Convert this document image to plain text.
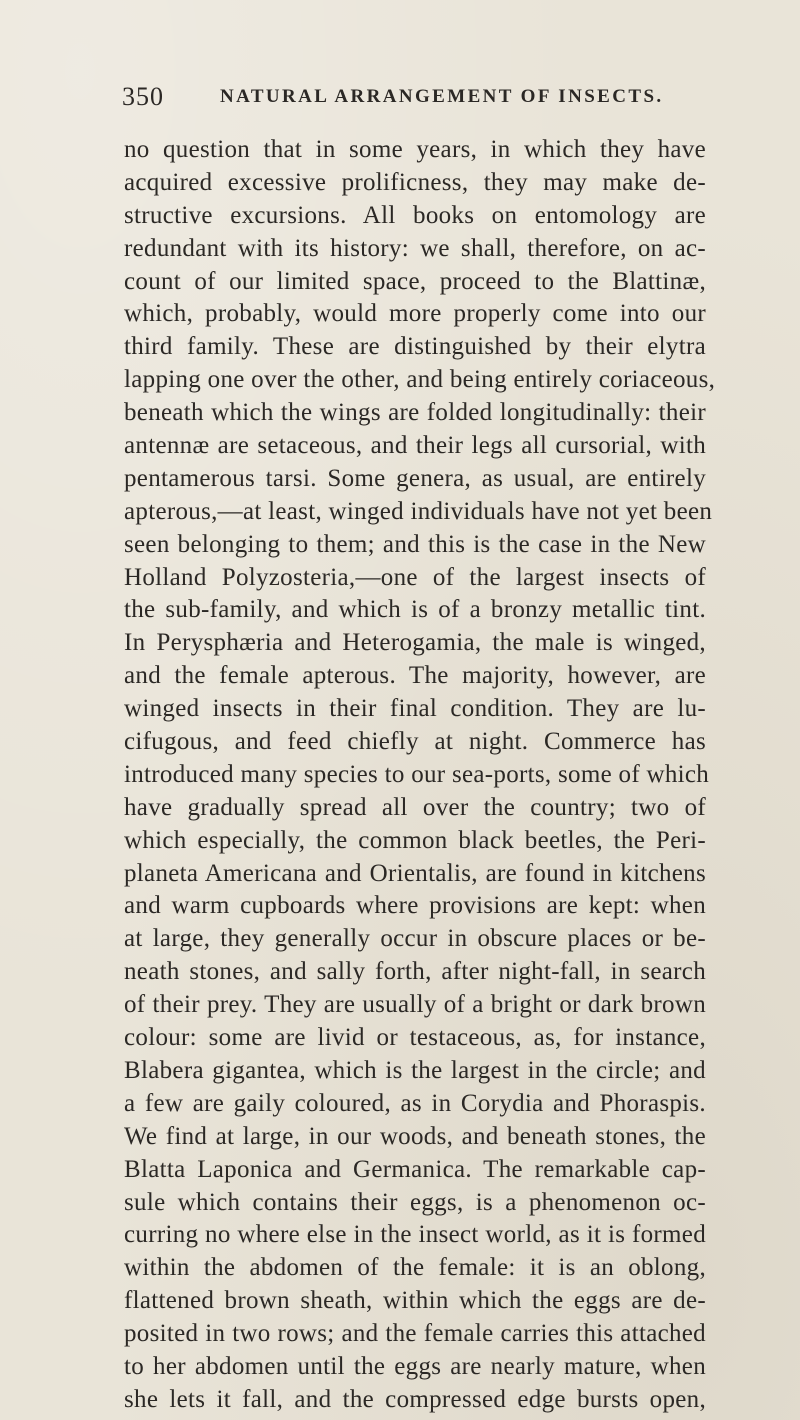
350	NATURAL ARRANGEMENT OF INSECTS.
no question that in some years, in which they have
acquired excessive prolificness, they may make de-
structive excursions. All books on entomology are
redundant with its history: we shall, therefore, on ac-
count of our limited space, proceed to the Blattinæ,
which, probably, would more properly come into our
third family. These are distinguished by their elytra
lapping one over the other, and being entirely coriaceous,
beneath which the wings are folded longitudinally: their
antennæ are setaceous, and their legs all cursorial, with
pentamerous tarsi. Some genera, as usual, are entirely
apterous,—at least, winged individuals have not yet been
seen belonging to them; and this is the case in the New
Holland Polyzosteria,—one of the largest insects of
the sub-family, and which is of a bronzy metallic tint.
In Perysphæria and Heterogamia, the male is winged,
and the female apterous. The majority, however, are
winged insects in their final condition. They are lu-
cifugous, and feed chiefly at night. Commerce has
introduced many species to our sea-ports, some of which
have gradually spread all over the country; two of
which especially, the common black beetles, the Peri-
planeta Americana and Orientalis, are found in kitchens
and warm cupboards where provisions are kept: when
at large, they generally occur in obscure places or be-
neath stones, and sally forth, after night-fall, in search
of their prey. They are usually of a bright or dark brown
colour: some are livid or testaceous, as, for instance,
Blabera gigantea, which is the largest in the circle; and
a few are gaily coloured, as in Corydia and Phoraspis.
We find at large, in our woods, and beneath stones, the
Blatta Laponica and Germanica. The remarkable cap-
sule which contains their eggs, is a phenomenon oc-
curring no where else in the insect world, as it is formed
within the abdomen of the female: it is an oblong,
flattened brown sheath, within which the eggs are de-
posited in two rows; and the female carries this attached
to her abdomen until the eggs are nearly mature, when
she lets it fall, and the compressed edge bursts open,
